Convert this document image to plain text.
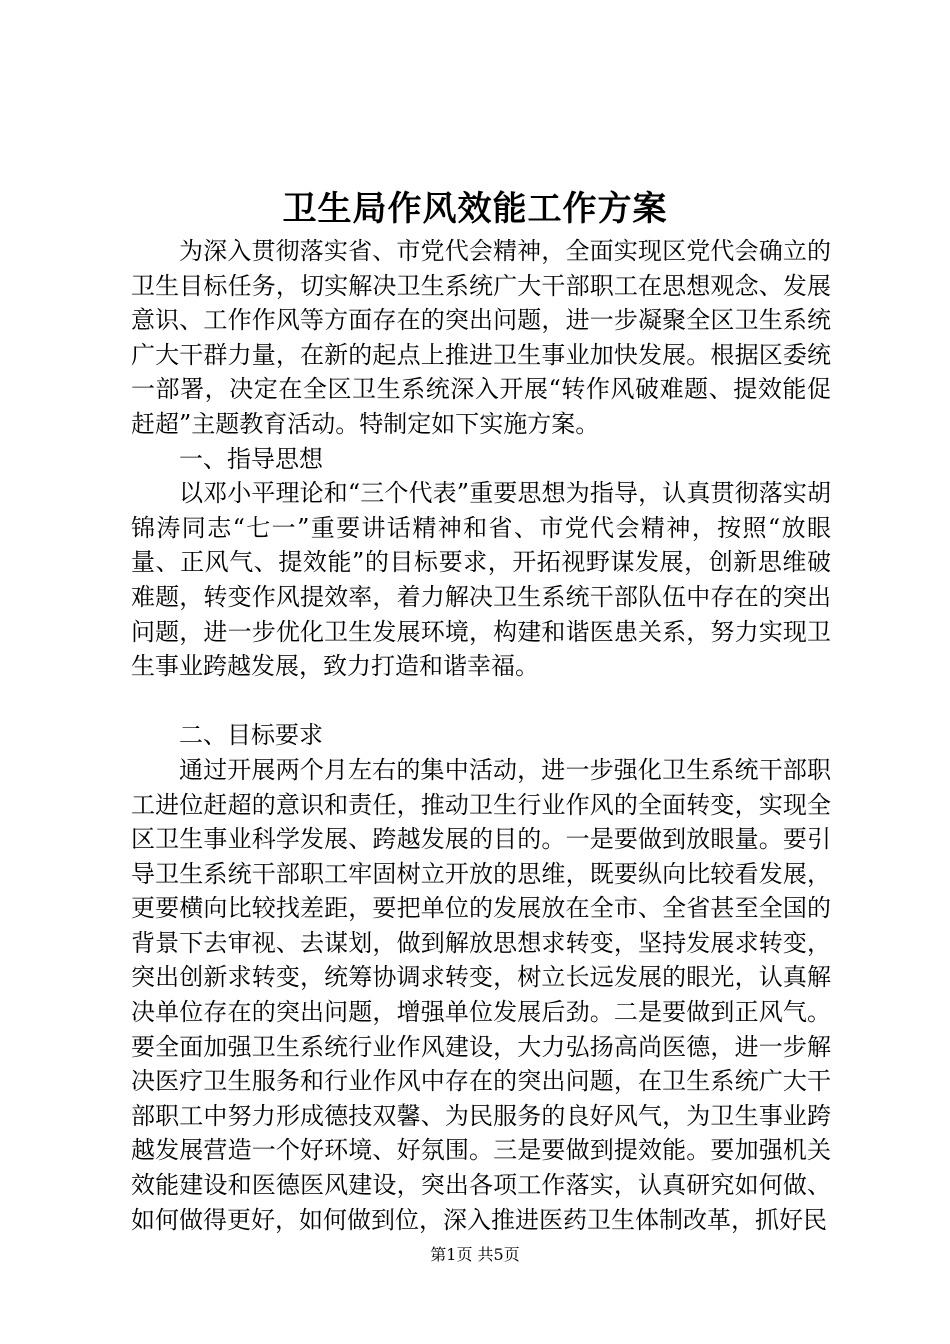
卫生局作风效能工作方案

为深入贯彻落实省、市党代会精神，全面实现区党代会确立的卫生目标任务，切实解决卫生系统广大干部职工在思想观念、发展意识、工作作风等方面存在的突出问题，进一步凝聚全区卫生系统广大干群力量，在新的起点上推进卫生事业加快发展。根据区委统一部署，决定在全区卫生系统深入开展“转作风破难题、提效能促赶超”主题教育活动。特制定如下实施方案。

一、指导思想

以邓小平理论和“三个代表”重要思想为指导，认真贯彻落实胡锦涛同志“七一”重要讲话精神和省、市党代会精神，按照“放眼量、正风气、提效能”的目标要求，开拓视野谋发展，创新思维破难题，转变作风提效率，着力解决卫生系统干部队伍中存在的突出问题，进一步优化卫生发展环境，构建和谐医患关系，努力实现卫生事业跨越发展，致力打造和谐幸福。

二、目标要求

通过开展两个月左右的集中活动，进一步强化卫生系统干部职工进位赶超的意识和责任，推动卫生行业作风的全面转变，实现全区卫生事业科学发展、跨越发展的目的。一是要做到放眼量。要引导卫生系统干部职工牢固树立开放的思维，既要纵向比较看发展，更要横向比较找差距，要把单位的发展放在全市、全省甚至全国的背景下去审视、去谋划，做到解放思想求转变，坚持发展求转变，突出创新求转变，统筹协调求转变，树立长远发展的眼光，认真解决单位存在的突出问题，增强单位发展后劲。二是要做到正风气。要全面加强卫生系统行业作风建设，大力弘扬高尚医德，进一步解决医疗卫生服务和行业作风中存在的突出问题，在卫生系统广大干部职工中努力形成德技双馨、为民服务的良好风气，为卫生事业跨越发展营造一个好环境、好氛围。三是要做到提效能。要加强机关效能建设和医德医风建设，突出各项工作落实，认真研究如何做、如何做得更好，如何做到位，深入推进医药卫生体制改革，抓好民

第1页 共5页
